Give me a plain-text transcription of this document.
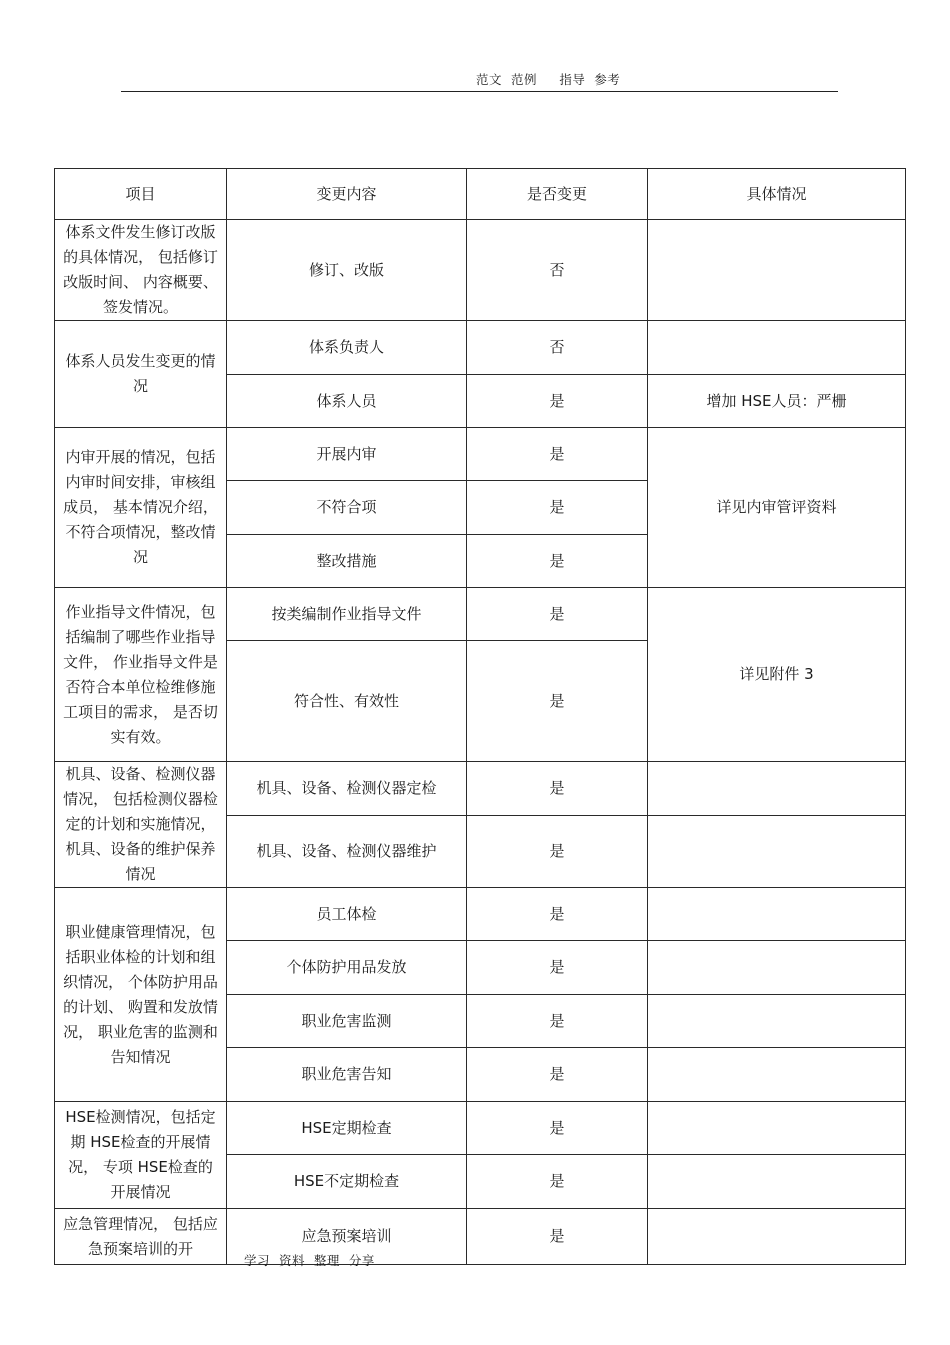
范文  范例     指导  参考
项目	变更内容	是否变更	具体情况
体系文件发生修订改版的具体情况， 包括修订改版时间、 内容概要、签发情况。	修订、改版	否	
体系人员发生变更的情况	体系负责人	否	
	体系人员	是	增加 HSE人员：严栅
内审开展的情况，包括内审时间安排，审核组成员， 基本情况介绍， 不符合项情况，整改情况	开展内审	是	详见内审管评资料
	不符合项	是	
	整改措施	是	
作业指导文件情况，包括编制了哪些作业指导文件， 作业指导文件是否符合本单位检维修施工项目的需求， 是否切实有效。	按类编制作业指导文件	是	详见附件 3
	符合性、有效性	是	
机具、设备、检测仪器情况， 包括检测仪器检定的计划和实施情况，机具、设备的维护保养情况	机具、设备、检测仪器定检	是	
	机具、设备、检测仪器维护	是	
职业健康管理情况，包括职业体检的计划和组织情况， 个体防护用品的计划、 购置和发放情况， 职业危害的监测和告知情况	员工体检	是	
	个体防护用品发放	是	
	职业危害监测	是	
	职业危害告知	是	
HSE检测情况，包括定期 HSE检查的开展情况， 专项 HSE检查的开展情况	HSE定期检查	是	
	HSE不定期检查	是	
应急管理情况， 包括应急预案培训的开	应急预案培训	是	
学习  资料  整理  分享
